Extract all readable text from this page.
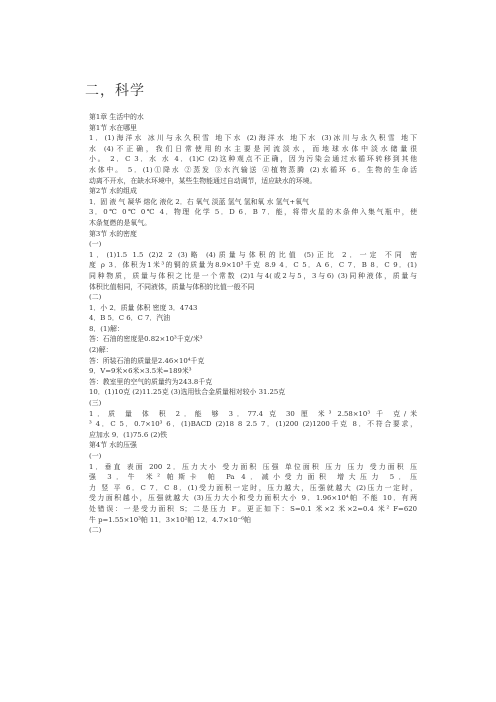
二，科学
第1章 生活中的水
第1节 水在哪里
1．(1)海洋水 冰川与永久积雪 地下水 (2)海洋水 地下水 (3)冰川与永久积雪 地下
水 (4)不正确，我们日常使用的水主要是河流淡水，而地球水体中淡水储量很
小。 2．C 3．水 水 4．(1)C (2)这种观点不正确，因为污染会通过水循环转移到其他
水体中。 5．(1)①降水 ②蒸发 ③水汽输送 ④植物蒸腾 (2)水循环 6．生物的生命活
动离不开水，在缺水环境中，某些生物能通过自动调节，适应缺水的环境。
第2节 水的组成
1．固 液 气 凝华 熔化 液化 2．右 氧气 淡蓝 氢气 氢和氧 水 氢气+氧气
3．0℃ 0℃ 0℃ 4．物理 化学 5．D 6．B 7．能，将带火星的木条伸入集气瓶中，使
木条复燃的是氧气。
第3节 水的密度
(一)
1．(1)1.5 1.5 (2)2 2 (3)略 (4)质量与体积的比值 (5)正比 2．一定 不同 密
度 ρ 3．体积为1米³的铜的质量为8.9×10³千克 8.9 4．C 5．A 6．C 7．B 8．C 9．(1)
同种物质，质量与体积之比是一个常数 (2)1与4(或2与5，3与6) (3)同种液体，质量与
体积比值相同，不同液体，质量与体积的比值一般不同
(二)
1．小 2．质量 体积 密度 3．4743
4．B 5．C 6．C 7．汽油
8．(1)解：
答：石油的密度是0.82×10³千克/米³
(2)解：
答：所装石油的质量是2.46×10⁴千克
9．V=9米×6米×3.5米=189米³
答：教室里的空气的质量约为243.8千克
10．(1)10克 (2)11.25克 (3)选用钛合金质量相对较小 31.25克
(三)
1．质 量 体 积 2．能 够 3．77.4 克 30 厘 米³ 2.58×10³ 千 克/米
³ 4．C 5．0.7×10³ 6．(1)BACD (2)18 8 2.5 7．(1)200 (2)1200千克 8．不符合要求，
应加水 9．(1)75.6 (2)铁
第4节 水的压强
(一)
1．垂直 表面 200 2．压力大小 受力面积 压强 单位面积 压力 压力 受力面积 压
强 3．牛 米² 帕斯卡 帕 Pa 4．减小受力面积 增大压力 5．压
力 竖 平 6．C 7．C 8．(1)受力面积一定时，压力越大，压强就越大 (2)压力一定时，
受力面积越小，压强就越大 (3)压力大小和受力面积大小 9．1.96×10⁴帕 不能 10．有两
处错误：一是受力面积 S；二是压力 F。更正如下：S=0.1 米×2 米×2=0.4 米² F=620
牛 p=1.55×10³帕 11．3×10²帕 12．4.7×10⁻⁶帕
(二)
